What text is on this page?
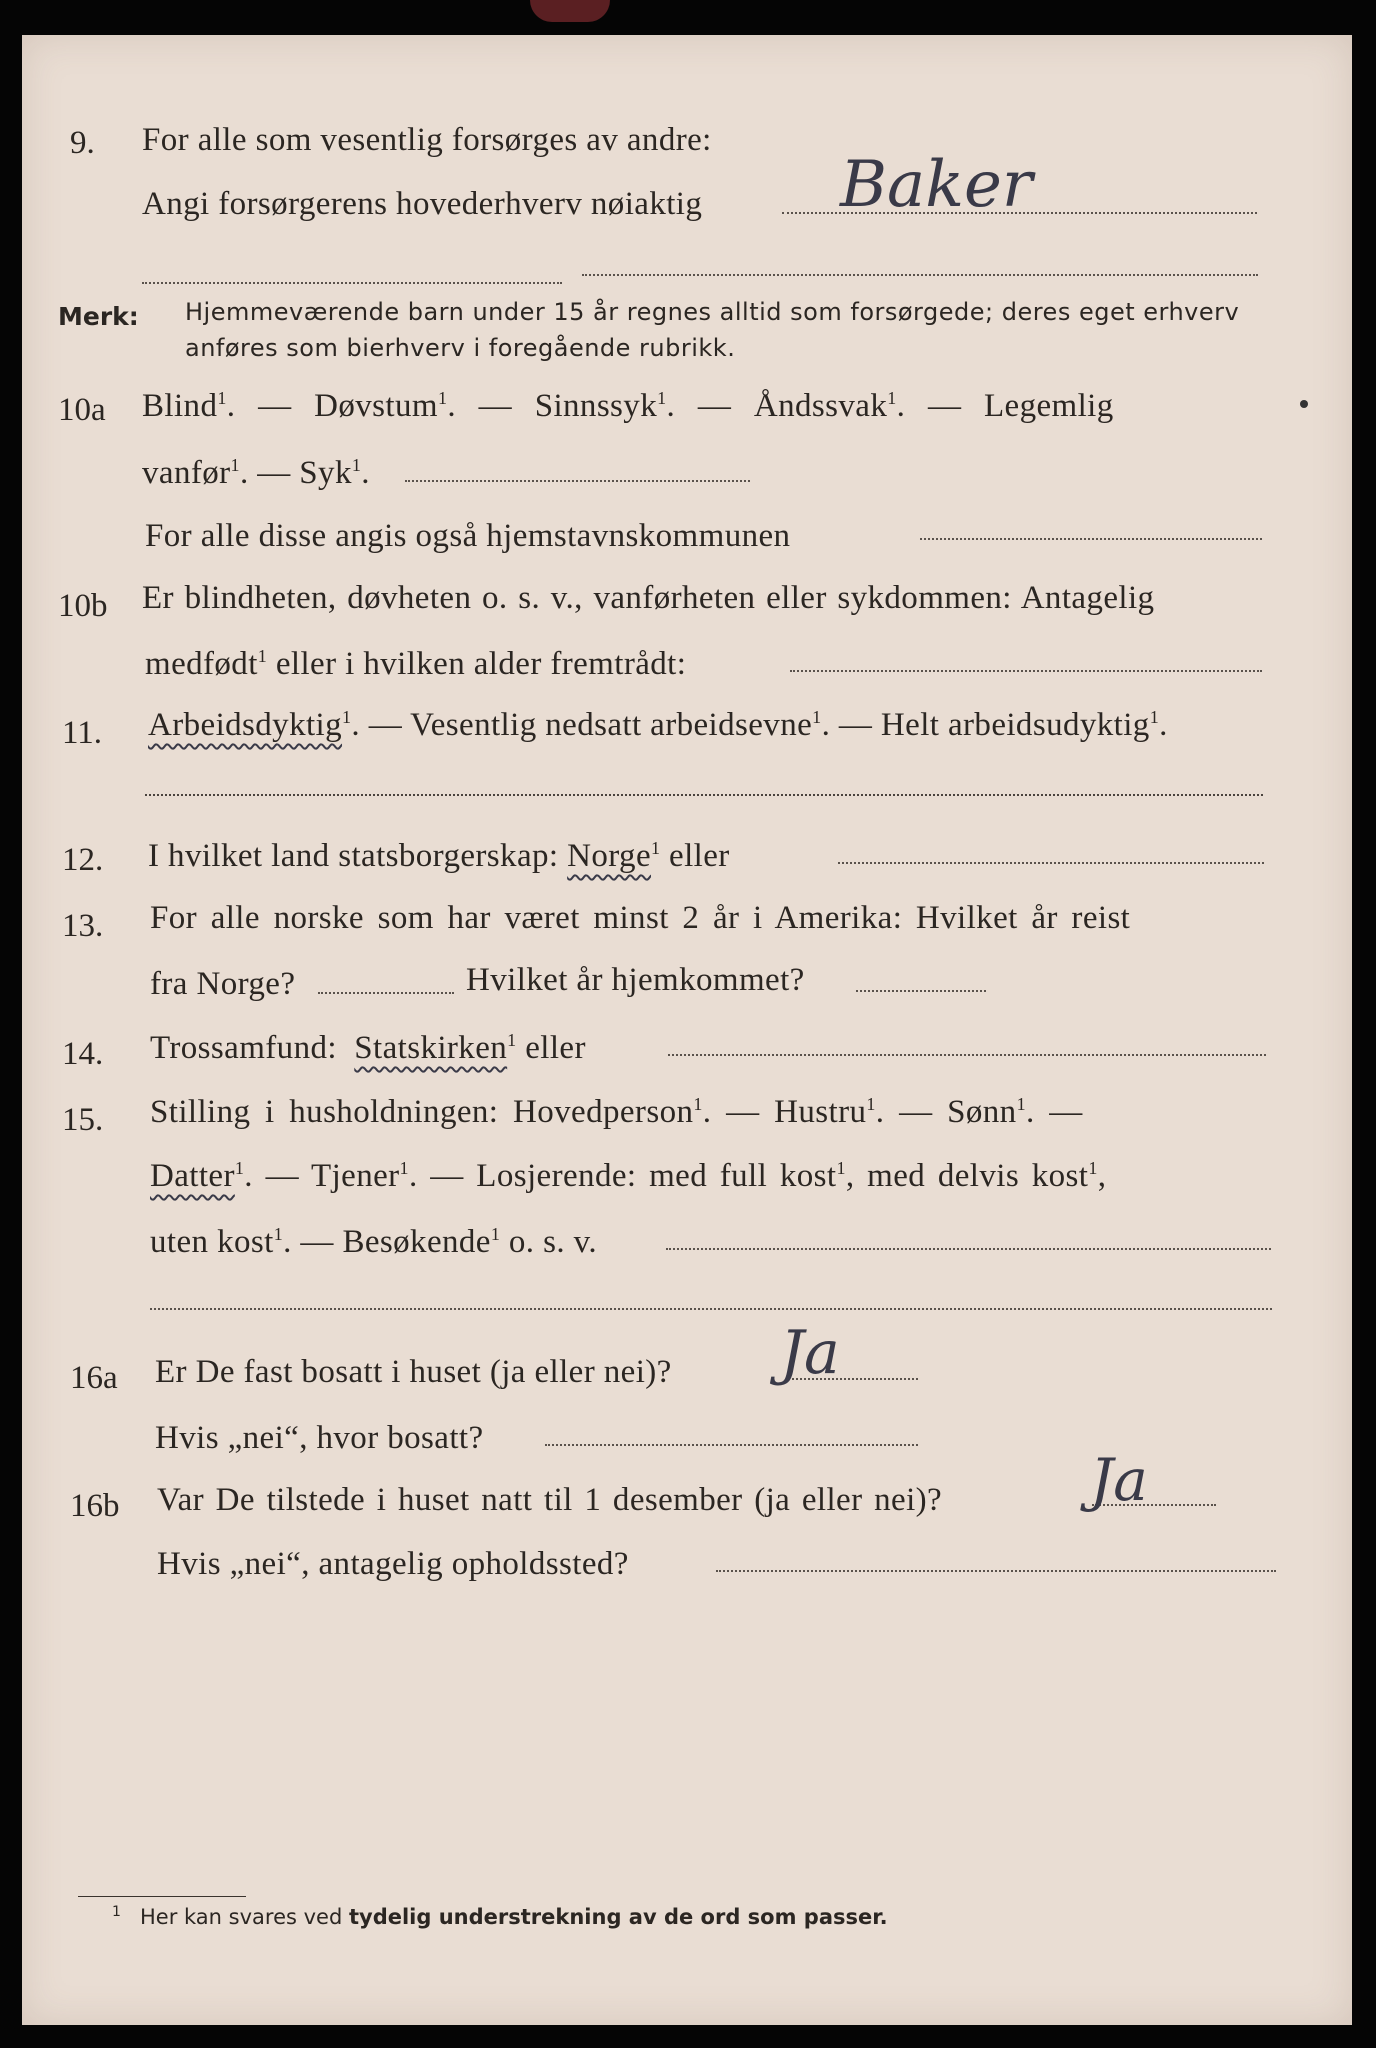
9. For alle som vesentlig forsørges av andre:
Angi forsørgerens hovederhverv nøiaktig Baker
Merk: Hjemmeværende barn under 15 år regnes alltid som forsørgede; deres eget erhverv
anføres som bierhverv i foregående rubrikk.
10a Blind$^1$. — Døvstum$^1$. — Sinnssyk$^1$. — Åndssvak$^1$. — Legemlig
vanfør$^1$. — Syk$^1$.
For alle disse angis også hjemstavnskommunen
10b Er blindheten, døvheten o. s. v., vanførheten eller sykdommen: Antagelig
medfødt$^1$ eller i hvilken alder fremtrådt:
11. Arbeidsdyktig$^1$. — Vesentlig nedsatt arbeidsevne$^1$. — Helt arbeidsudyktig$^1$.
12. I hvilket land statsborgerskap: Norge$^1$ eller
13. For alle norske som har været minst 2 år i Amerika: Hvilket år reist
fra Norge?	Hvilket år hjemkommet?
14. Trossamfund: Statskirken$^1$ eller
15. Stilling i husholdningen: Hovedperson$^1$. — Hustru$^1$. — Sønn$^1$. —
Datter$^1$. — Tjener$^1$. — Losjerende: med full kost$^1$, med delvis kost$^1$,
uten kost$^1$. — Besøkende$^1$ o. s. v.
16a Er De fast bosatt i huset (ja eller nei)? Ja
Hvis „nei“, hvor bosatt?
16b Var De tilstede i huset natt til 1 desember (ja eller nei)?	Ja
Hvis „nei“, antagelig opholdssted?
1 Her kan svares ved tydelig understrekning av de ord som passer.
